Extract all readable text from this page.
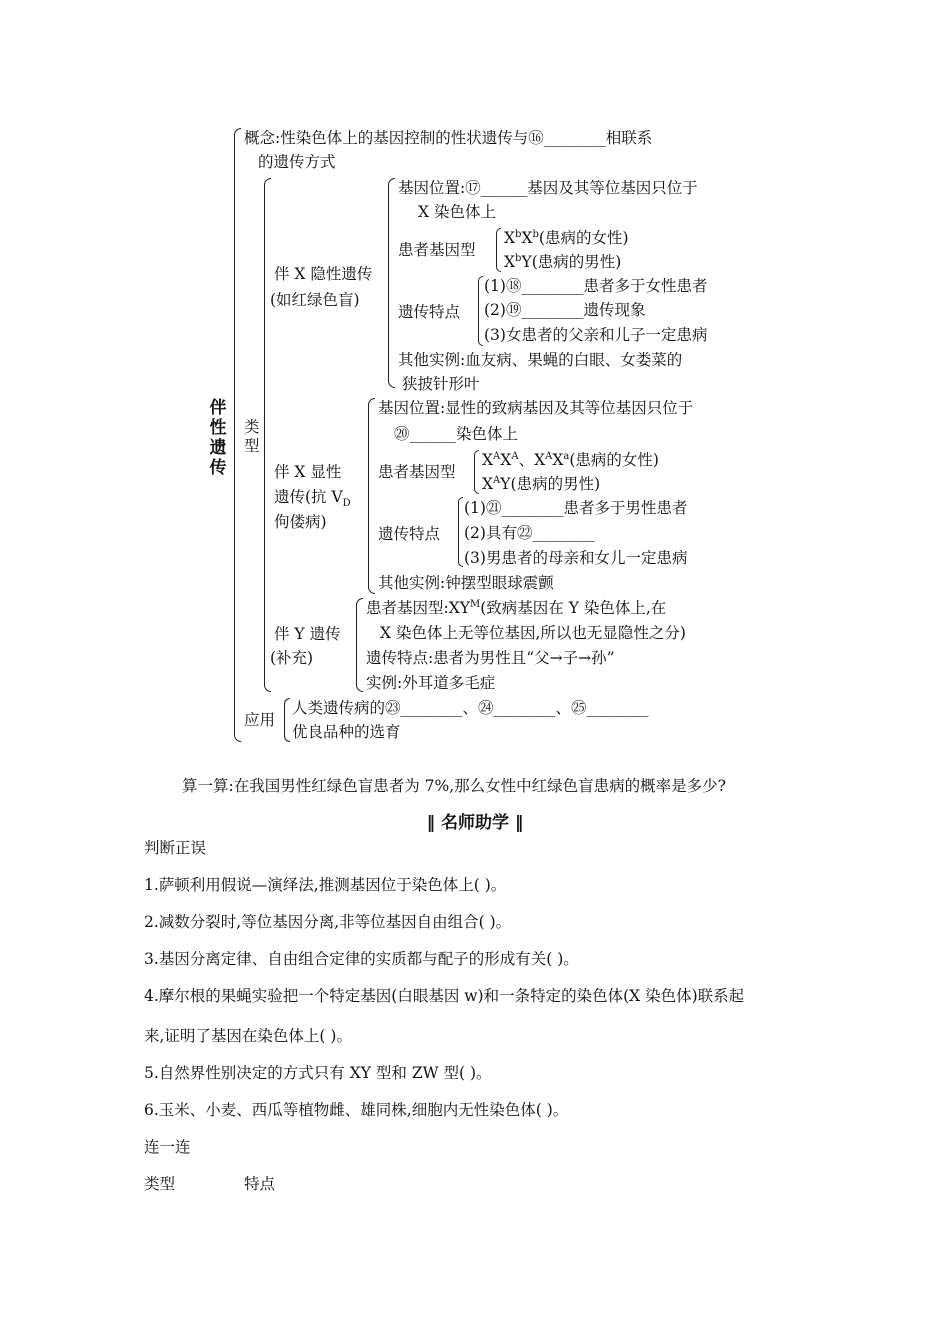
伴性遗传
概念:性染色体上的基因控制的性状遗传与⑯________相联系
的遗传方式
类型
伴 X 隐性遗传
(如红绿色盲)
基因位置:⑰______基因及其等位基因只位于
X 染色体上
患者基因型
$X^bX^b$(患病的女性)
$X^bY$(患病的男性)
遗传特点
(1)⑱________患者多于女性患者
(2)⑲________遗传现象
(3)女患者的父亲和儿子一定患病
其他实例:血友病、果蝇的白眼、女娄菜的
狭披针形叶
伴 X 显性
遗传(抗 $V_D$
佝偻病)
基因位置:显性的致病基因及其等位基因只位于
⑳______染色体上
患者基因型
$X^AX^A$、$X^AX^a$(患病的女性)
$X^AY$(患病的男性)
遗传特点
(1)㉑________患者多于男性患者
(2)具有㉒________
(3)男患者的母亲和女儿一定患病
其他实例:钟摆型眼球震颤
伴 Y 遗传
(补充)
患者基因型$:XY^M$(致病基因在 Y 染色体上,在
X 染色体上无等位基因,所以也无显隐性之分)
遗传特点:患者为男性且“父→子→孙”
实例:外耳道多毛症
应用
人类遗传病的㉓________、㉔________、㉕________
优良品种的选育
算一算:在我国男性红绿色盲患者为 7%,那么女性中红绿色盲患病的概率是多少?
‖ 名师助学 ‖
判断正误
1.萨顿利用假说—演绎法,推测基因位于染色体上( )。
2.减数分裂时,等位基因分离,非等位基因自由组合( )。
3.基因分离定律、自由组合定律的实质都与配子的形成有关( )。
4.摩尔根的果蝇实验把一个特定基因(白眼基因 w)和一条特定的染色体(X 染色体)联系起
来,证明了基因在染色体上( )。
5.自然界性别决定的方式只有 XY 型和 ZW 型( )。
6.玉米、小麦、西瓜等植物雌、雄同株,细胞内无性染色体( )。
连一连
类型	特点
